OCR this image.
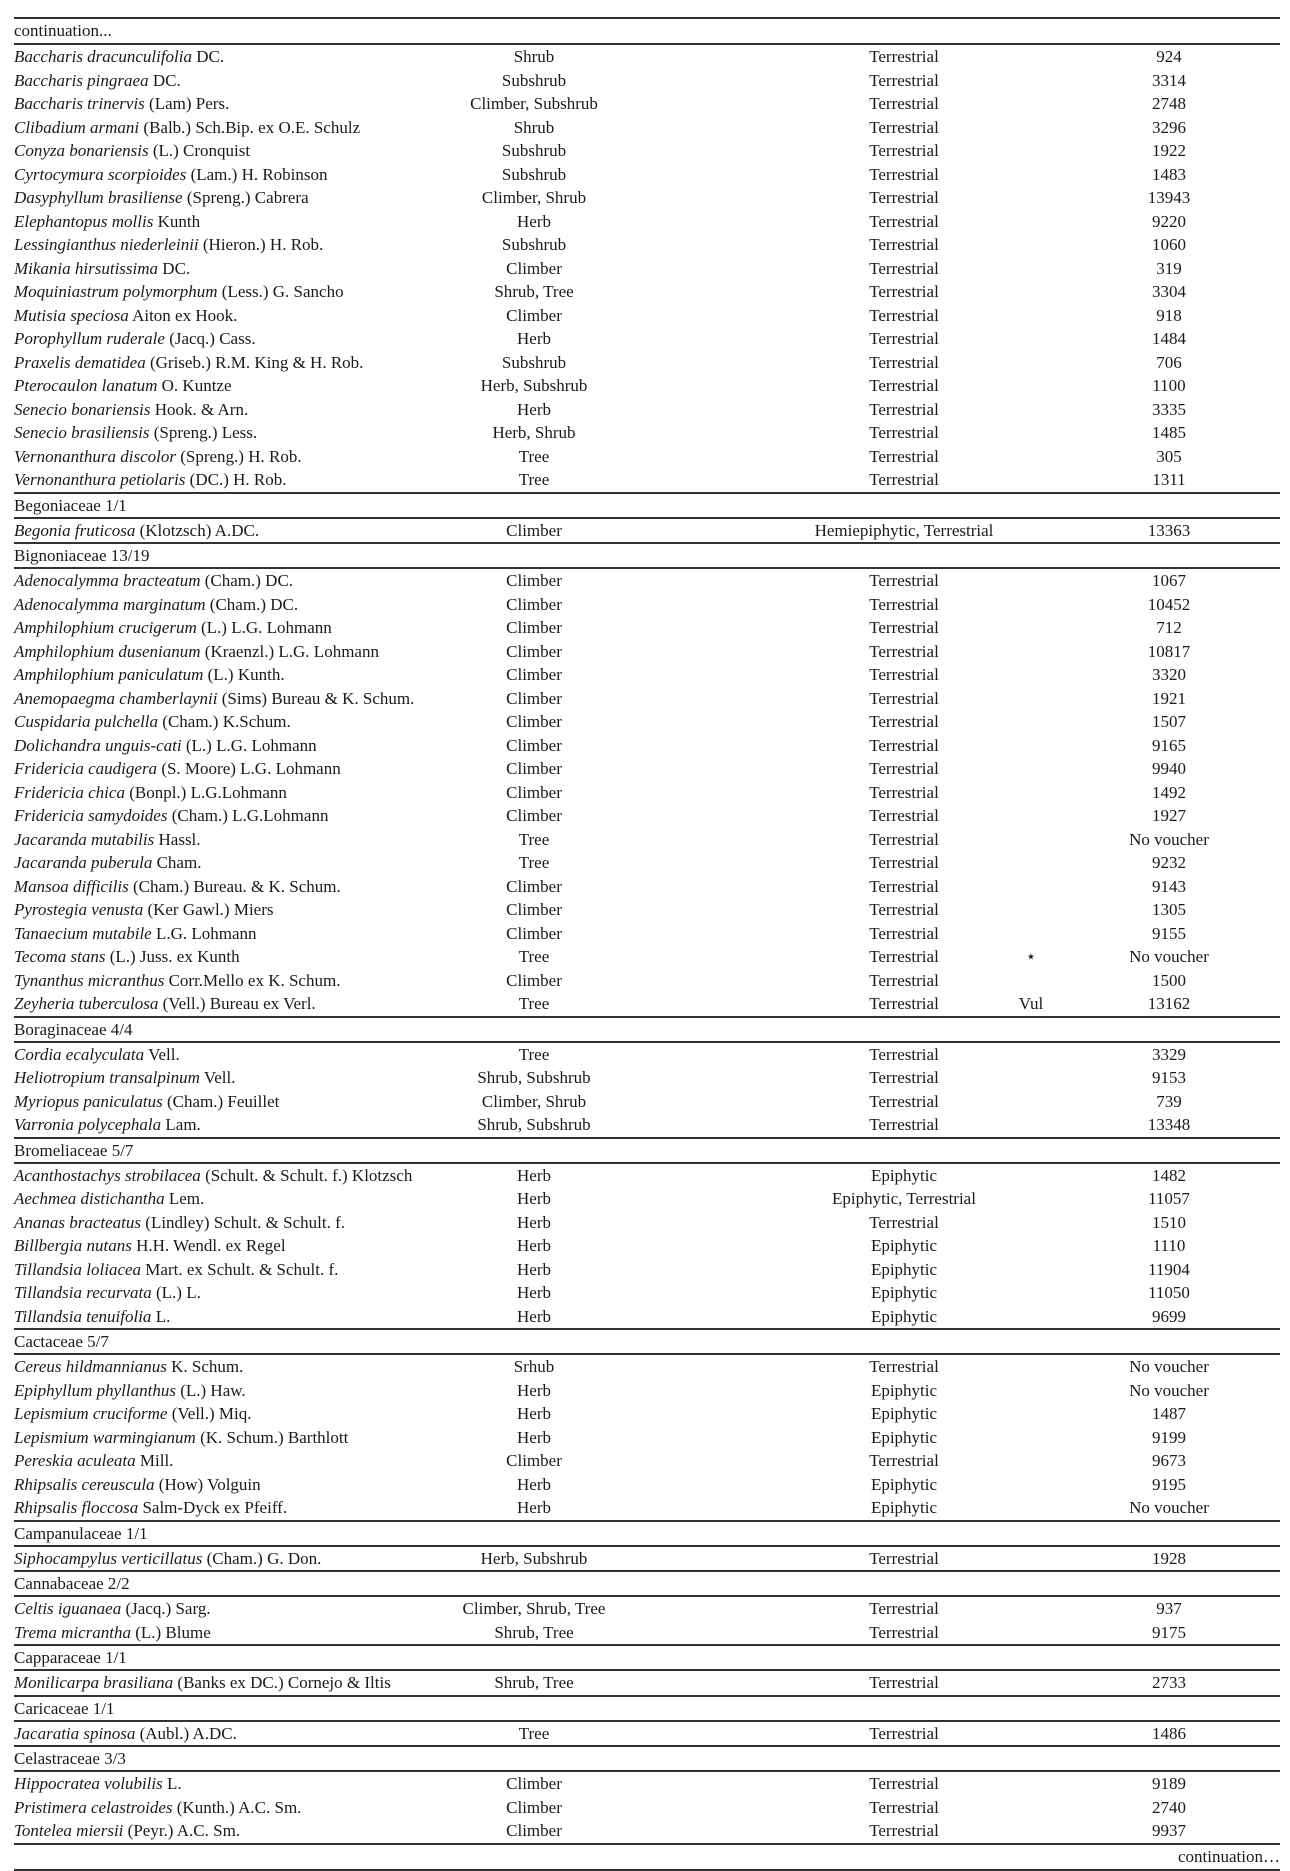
continuation...
Baccharis dracunculifolia DC.	Shrub	Terrestrial	924
Baccharis pingraea DC.	Subshrub	Terrestrial	3314
Baccharis trinervis (Lam) Pers.	Climber, Subshrub	Terrestrial	2748
Clibadium armani (Balb.) Sch.Bip. ex O.E. Schulz	Shrub	Terrestrial	3296
Conyza bonariensis (L.) Cronquist	Subshrub	Terrestrial	1922
Cyrtocymura scorpioides (Lam.) H. Robinson	Subshrub	Terrestrial	1483
Dasyphyllum brasiliense (Spreng.) Cabrera	Climber, Shrub	Terrestrial	13943
Elephantopus mollis Kunth	Herb	Terrestrial	9220
Lessingianthus niederleinii (Hieron.) H. Rob.	Subshrub	Terrestrial	1060
Mikania hirsutissima DC.	Climber	Terrestrial	319
Moquiniastrum polymorphum (Less.) G. Sancho	Shrub, Tree	Terrestrial	3304
Mutisia speciosa Aiton ex Hook.	Climber	Terrestrial	918
Porophyllum ruderale (Jacq.) Cass.	Herb	Terrestrial	1484
Praxelis dematidea (Griseb.) R.M. King & H. Rob.	Subshrub	Terrestrial	706
Pterocaulon lanatum O. Kuntze	Herb, Subshrub	Terrestrial	1100
Senecio bonariensis Hook. & Arn.	Herb	Terrestrial	3335
Senecio brasiliensis (Spreng.) Less.	Herb, Shrub	Terrestrial	1485
Vernonanthura discolor (Spreng.) H. Rob.	Tree	Terrestrial	305
Vernonanthura petiolaris (DC.) H. Rob.	Tree	Terrestrial	1311
Begoniaceae 1/1
Begonia fruticosa (Klotzsch) A.DC.	Climber	Hemiepiphytic, Terrestrial	13363
Bignoniaceae 13/19
Adenocalymma bracteatum (Cham.) DC.	Climber	Terrestrial	1067
Adenocalymma marginatum (Cham.) DC.	Climber	Terrestrial	10452
Amphilophium crucigerum (L.) L.G. Lohmann	Climber	Terrestrial	712
Amphilophium dusenianum (Kraenzl.) L.G. Lohmann	Climber	Terrestrial	10817
Amphilophium paniculatum (L.) Kunth.	Climber	Terrestrial	3320
Anemopaegma chamberlaynii (Sims) Bureau & K. Schum.	Climber	Terrestrial	1921
Cuspidaria pulchella (Cham.) K.Schum.	Climber	Terrestrial	1507
Dolichandra unguis-cati (L.) L.G. Lohmann	Climber	Terrestrial	9165
Fridericia caudigera (S. Moore) L.G. Lohmann	Climber	Terrestrial	9940
Fridericia chica (Bonpl.) L.G.Lohmann	Climber	Terrestrial	1492
Fridericia samydoides (Cham.) L.G.Lohmann	Climber	Terrestrial	1927
Jacaranda mutabilis Hassl.	Tree	Terrestrial	No voucher
Jacaranda puberula Cham.	Tree	Terrestrial	9232
Mansoa difficilis (Cham.) Bureau. & K. Schum.	Climber	Terrestrial	9143
Pyrostegia venusta (Ker Gawl.) Miers	Climber	Terrestrial	1305
Tanaecium mutabile L.G. Lohmann	Climber	Terrestrial	9155
Tecoma stans (L.) Juss. ex Kunth	Tree	Terrestrial	⋆	No voucher
Tynanthus micranthus Corr.Mello ex K. Schum.	Climber	Terrestrial	1500
Zeyheria tuberculosa (Vell.) Bureau ex Verl.	Tree	Terrestrial	Vul	13162
Boraginaceae 4/4
Cordia ecalyculata Vell.	Tree	Terrestrial	3329
Heliotropium transalpinum Vell.	Shrub, Subshrub	Terrestrial	9153
Myriopus paniculatus (Cham.) Feuillet	Climber, Shrub	Terrestrial	739
Varronia polycephala Lam.	Shrub, Subshrub	Terrestrial	13348
Bromeliaceae 5/7
Acanthostachys strobilacea (Schult. & Schult. f.) Klotzsch	Herb	Epiphytic	1482
Aechmea distichantha Lem.	Herb	Epiphytic, Terrestrial	11057
Ananas bracteatus (Lindley) Schult. & Schult. f.	Herb	Terrestrial	1510
Billbergia nutans H.H. Wendl. ex Regel	Herb	Epiphytic	1110
Tillandsia loliacea Mart. ex Schult. & Schult. f.	Herb	Epiphytic	11904
Tillandsia recurvata (L.) L.	Herb	Epiphytic	11050
Tillandsia tenuifolia L.	Herb	Epiphytic	9699
Cactaceae 5/7
Cereus hildmannianus K. Schum.	Srhub	Terrestrial	No voucher
Epiphyllum phyllanthus (L.) Haw.	Herb	Epiphytic	No voucher
Lepismium cruciforme (Vell.) Miq.	Herb	Epiphytic	1487
Lepismium warmingianum (K. Schum.) Barthlott	Herb	Epiphytic	9199
Pereskia aculeata Mill.	Climber	Terrestrial	9673
Rhipsalis cereuscula (How) Volguin	Herb	Epiphytic	9195
Rhipsalis floccosa Salm-Dyck ex Pfeiff.	Herb	Epiphytic	No voucher
Campanulaceae 1/1
Siphocampylus verticillatus (Cham.) G. Don.	Herb, Subshrub	Terrestrial	1928
Cannabaceae 2/2
Celtis iguanaea (Jacq.) Sarg.	Climber, Shrub, Tree	Terrestrial	937
Trema micrantha (L.) Blume	Shrub, Tree	Terrestrial	9175
Capparaceae 1/1
Monilicarpa brasiliana (Banks ex DC.) Cornejo & Iltis	Shrub, Tree	Terrestrial	2733
Caricaceae 1/1
Jacaratia spinosa (Aubl.) A.DC.	Tree	Terrestrial	1486
Celastraceae 3/3
Hippocratea volubilis L.	Climber	Terrestrial	9189
Pristimera celastroides (Kunth.) A.C. Sm.	Climber	Terrestrial	2740
Tontelea miersii (Peyr.) A.C. Sm.	Climber	Terrestrial	9937
continuation…
